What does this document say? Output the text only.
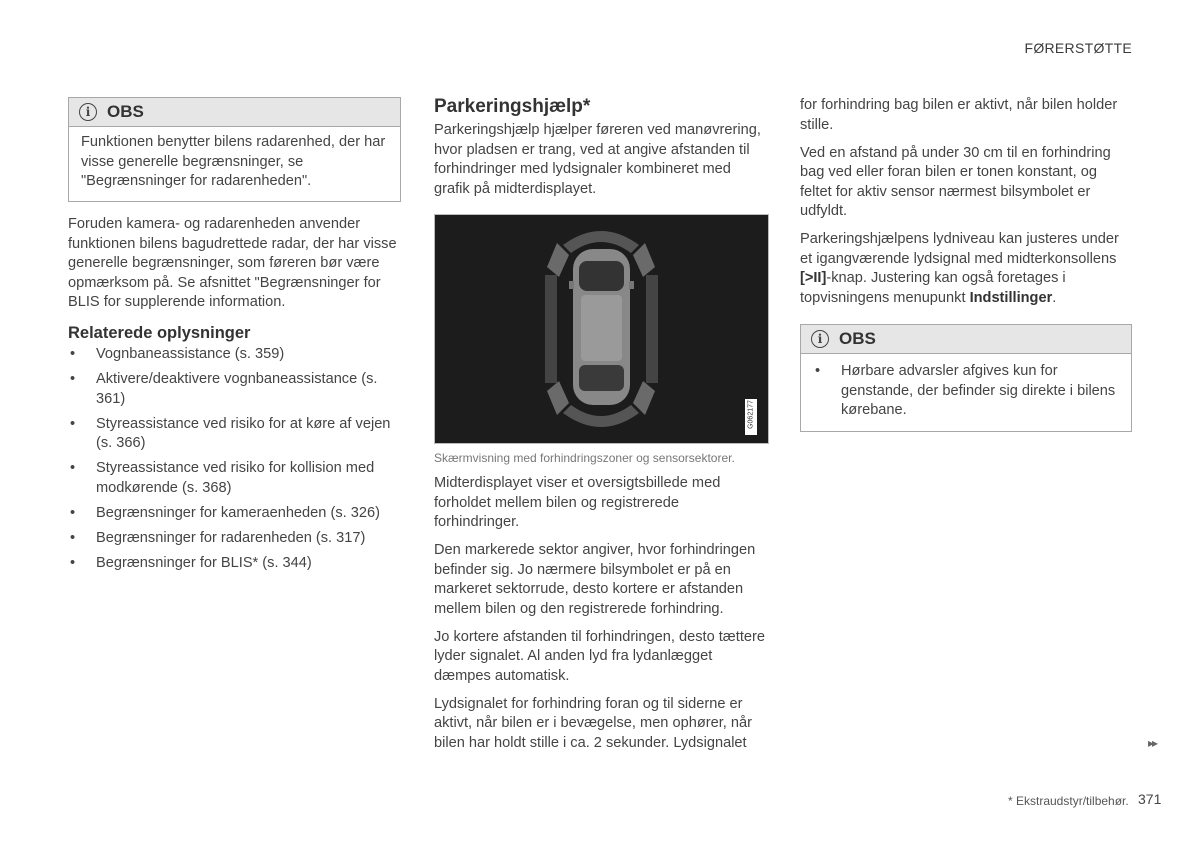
FØRERSTØTTE
i OBS
Funktionen benytter bilens radarenhed, der har visse generelle begrænsninger, se "Begrænsninger for radarenheden".

Foruden kamera- og radarenheden anvender funktionen bilens bagudrettede radar, der har visse generelle begrænsninger, som føreren bør være opmærksom på. Se afsnittet "Begrænsninger for BLIS for supplerende information.

Relaterede oplysninger
• Vognbaneassistance (s. 359)
• Aktivere/deaktivere vognbaneassistance (s. 361)
• Styreassistance ved risiko for at køre af vejen (s. 366)
• Styreassistance ved risiko for kollision med modkørende (s. 368)
• Begrænsninger for kameraenheden (s. 326)
• Begrænsninger for radarenheden (s. 317)
• Begrænsninger for BLIS* (s. 344)
Parkeringshjælp*

Parkeringshjælp hjælper føreren ved manøvrering, hvor pladsen er trang, ved at angive afstanden til forhindringer med lydsignaler kombineret med grafik på midterdisplayet.

G062177
Skærmvisning med forhindringszoner og sensorsektorer.

Midterdisplayet viser et oversigtsbillede med forholdet mellem bilen og registrerede forhindringer.

Den markerede sektor angiver, hvor forhindringen befinder sig. Jo nærmere bilsymbolet er på en markeret sektorrude, desto kortere er afstanden mellem bilen og den registrerede forhindring.

Jo kortere afstanden til forhindringen, desto tættere lyder signalet. Al anden lyd fra lydanlægget dæmpes automatisk.

Lydsignalet for forhindring foran og til siderne er aktivt, når bilen er i bevægelse, men ophører, når bilen har holdt stille i ca. 2 sekunder. Lydsignalet

for forhindring bag bilen er aktivt, når bilen holder stille.

Ved en afstand på under 30 cm til en forhindring bag ved eller foran bilen er tonen konstant, og feltet for aktiv sensor nærmest bilsymbolet er udfyldt.

Parkeringshjælpens lydniveau kan justeres under et igangværende lydsignal med midterkonsollens [>II]-knap. Justering kan også foretages i topvisningens menupunkt Indstillinger.

i OBS
• Hørbare advarsler afgives kun for genstande, der befinder sig direkte i bilens kørebane.
▸▸
* Ekstraudstyr/tilbehør. 371
